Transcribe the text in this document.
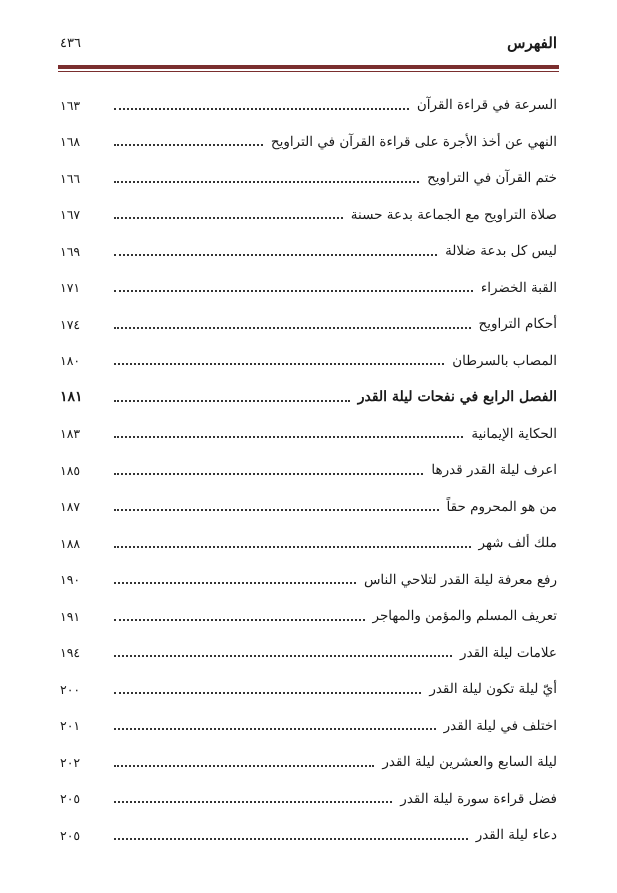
الفهرس
٤٣٦
السرعة في قراءة القرآن
١٦٣
النهي عن أخذ الأجرة على قراءة القرآن في التراويح
١٦٨
ختم القرآن في التراويح
١٦٦
صلاة التراويح مع الجماعة بدعة حسنة
١٦٧
ليس كل بدعة ضلالة
١٦٩
القبة الخضراء
١٧١
أحكام التراويح
١٧٤
المصاب بالسرطان
١٨٠
الفصل الرابع في نفحات ليلة القدر
١٨١
الحكاية الإيمانية
١٨٣
اعرف ليلة القدر قدرها
١٨٥
من هو المحروم حقاً
١٨٧
ملك ألف شهر
١٨٨
رفع معرفة ليلة القدر لتلاحي الناس
١٩٠
تعريف المسلم والمؤمن والمهاجر
١٩١
علامات ليلة القدر
١٩٤
أيّ ليلة تكون ليلة القدر
٢٠٠
اختلف في ليلة القدر
٢٠١
ليلة السابع والعشرين ليلة القدر
٢٠٢
فضل قراءة سورة ليلة القدر
٢٠٥
دعاء ليلة القدر
٢٠٥
